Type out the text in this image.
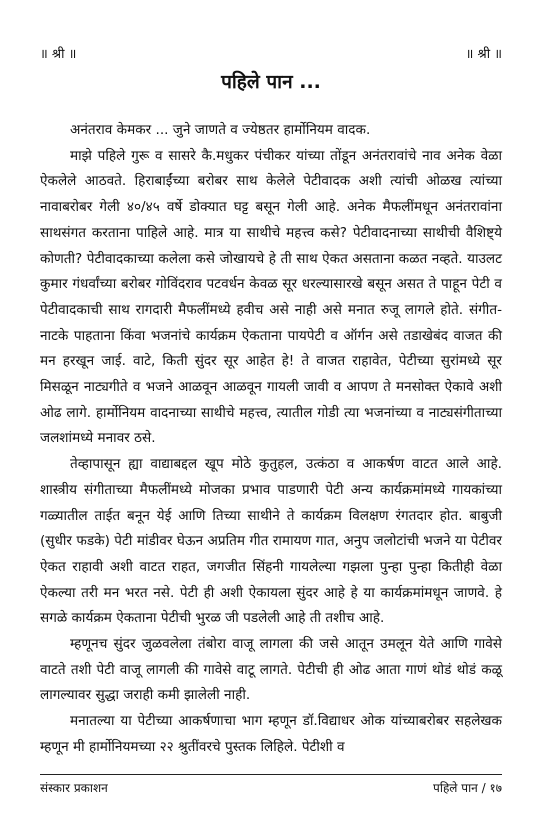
॥ श्री ॥	॥ श्री ॥
पहिले पान ...

अनंतराव केमकर ... जुने जाणते व ज्येष्ठतर हार्मोनियम वादक.

माझे पहिले गुरू व सासरे कै.मधुकर पंचीकर यांच्या तोंडून अनंतरावांचे नाव अनेक वेळा ऐकलेले आठवते. हिराबाईंच्या बरोबर साथ केलेले पेटीवादक अशी त्यांची ओळख त्यांच्या नावाबरोबर गेली ४०/४५ वर्षे डोक्यात घट्ट बसून गेली आहे. अनेक मैफलींमधून अनंतरावांना साथसंगत करताना पाहिले आहे. मात्र या साथीचे महत्त्व कसे? पेटीवादनाच्या साथीची वैशिष्ट्ये कोणती? पेटीवादकाच्या कलेला कसे जोखायचे हे ती साथ ऐकत असताना कळत नव्हते. याउलट कुमार गंधर्वांच्या बरोबर गोविंदराव पटवर्धन केवळ सूर धरल्यासारखे बसून असत ते पाहून पेटी व पेटीवादकाची साथ रागदारी मैफलींमध्ये हवीच असे नाही असे मनात रुजू लागले होते. संगीत-नाटके पाहताना किंवा भजनांचे कार्यक्रम ऐकताना पायपेटी व ऑर्गन असे तडाखेबंद वाजत की मन हरखून जाई. वाटे, किती सुंदर सूर आहेत हे! ते वाजत राहावेत, पेटीच्या सुरांमध्ये सूर मिसळून नाट्यगीते व भजने आळवून आळवून गायली जावी व आपण ते मनसोक्त ऐकावे अशी ओढ लागे. हार्मोनियम वादनाच्या साथीचे महत्त्व, त्यातील गोडी त्या भजनांच्या व नाट्यसंगीताच्या जलशांमध्ये मनावर ठसे.

तेव्हापासून ह्या वाद्याबद्दल खूप मोठे कुतुहल, उत्कंठा व आकर्षण वाटत आले आहे. शास्त्रीय संगीताच्या मैफलींमध्ये मोजका प्रभाव पाडणारी पेटी अन्य कार्यक्रमांमध्ये गायकांच्या गळ्यातील ताईत बनून येई आणि तिच्या साथीने ते कार्यक्रम विलक्षण रंगतदार होत. बाबुजी (सुधीर फडके) पेटी मांडीवर घेऊन अप्रतिम गीत रामायण गात, अनुप जलोटांची भजने या पेटीवर ऐकत राहावी अशी वाटत राहत, जगजीत सिंहनी गायलेल्या गझला पुन्हा पुन्हा कितीही वेळा ऐकल्या तरी मन भरत नसे. पेटी ही अशी ऐकायला सुंदर आहे हे या कार्यक्रमांमधून जाणवे. हे सगळे कार्यक्रम ऐकताना पेटीची भुरळ जी पडलेली आहे ती तशीच आहे.

म्हणूनच सुंदर जुळवलेला तंबोरा वाजू लागला की जसे आतून उमलून येते आणि गावेसे वाटते तशी पेटी वाजू लागली की गावेसे वाटू लागते. पेटीची ही ओढ आता गाणं थोडं थोडं कळू लागल्यावर सुद्धा जराही कमी झालेली नाही.

मनातल्या या पेटीच्या आकर्षणाचा भाग म्हणून डॉ.विद्याधर ओक यांच्याबरोबर सहलेखक म्हणून मी हार्मोनियमच्या २२ श्रुतींवरचे पुस्तक लिहिले. पेटीशी व

संस्कार प्रकाशन	पहिले पान / १७
